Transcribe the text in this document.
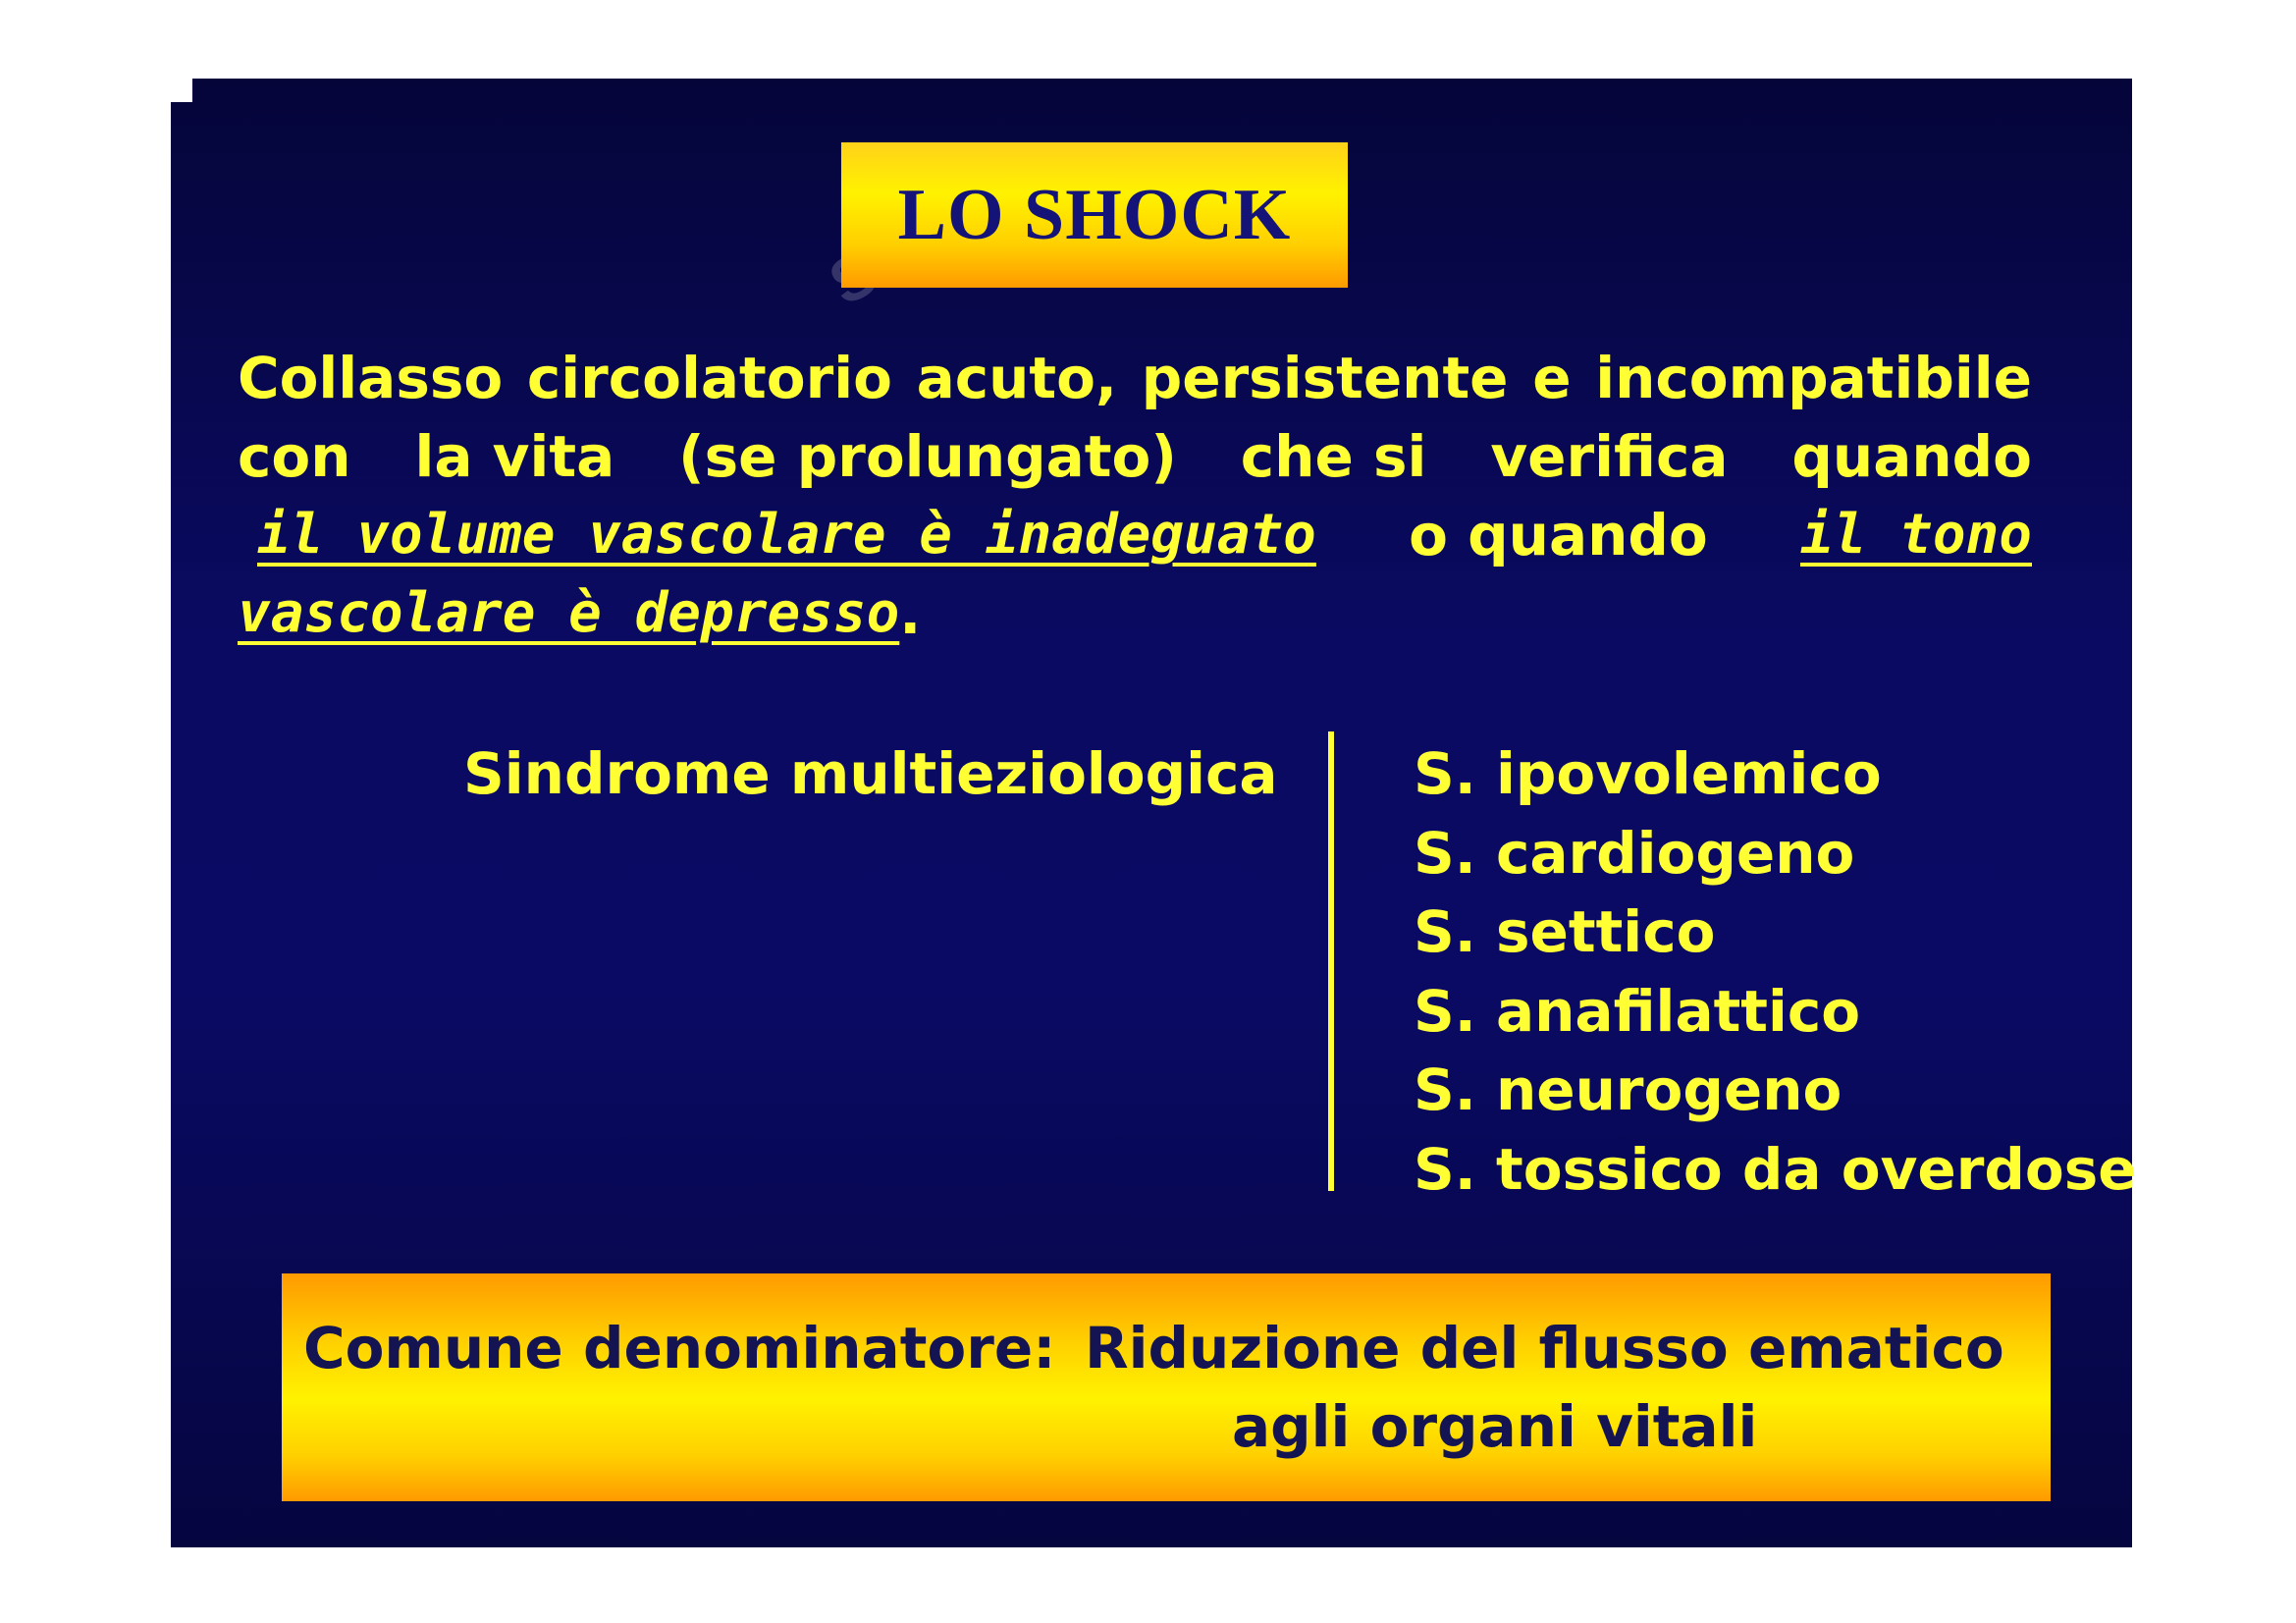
LO SHOCK
Collasso circolatorio acuto, persistente e incompatibile
con la vita (se prolungato) che si verifica quando
il volume vascolare è inadeguato o quando il tono
vascolare è depresso .
Sindrome multieziologica S. ipovolemico
S. cardiogeno
S. settico
S. anafilattico
S. neurogeno
S. tossico da overdose
Comune denominatore: Riduzione del flusso ematico
agli organi vitali
